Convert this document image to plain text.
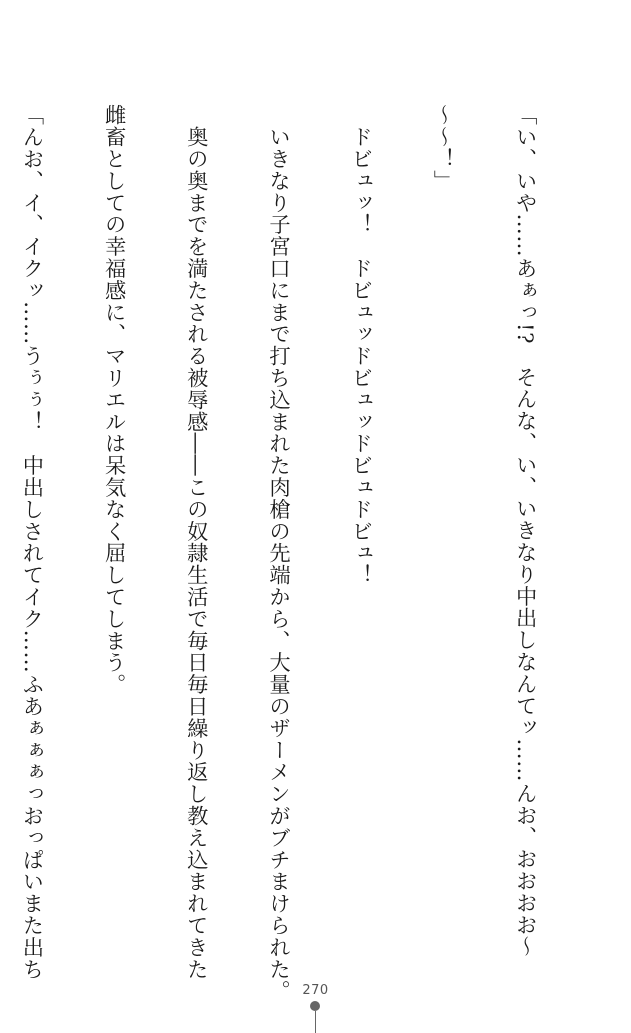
「い、いや……あぁっ!?　そんな、い、いきなり中出しなんてッ……んお、おおおお～

～～！」

　ドビュッ！　ドビュッドビュッドビュドビュ！

　いきなり子宮口にまで打ち込まれた肉槍の先端から、大量のザーメンがブチまけられた。

　奥の奥までを満たされる被辱感――この奴隷生活で毎日毎日繰り返し教え込まれてきた

雌畜としての幸福感に、マリエルは呆気なく屈してしまう。

「んお、イ、イクッ……うぅぅ！　中出しされてイク……ふあぁぁぁっおっぱいまた出ち

270
